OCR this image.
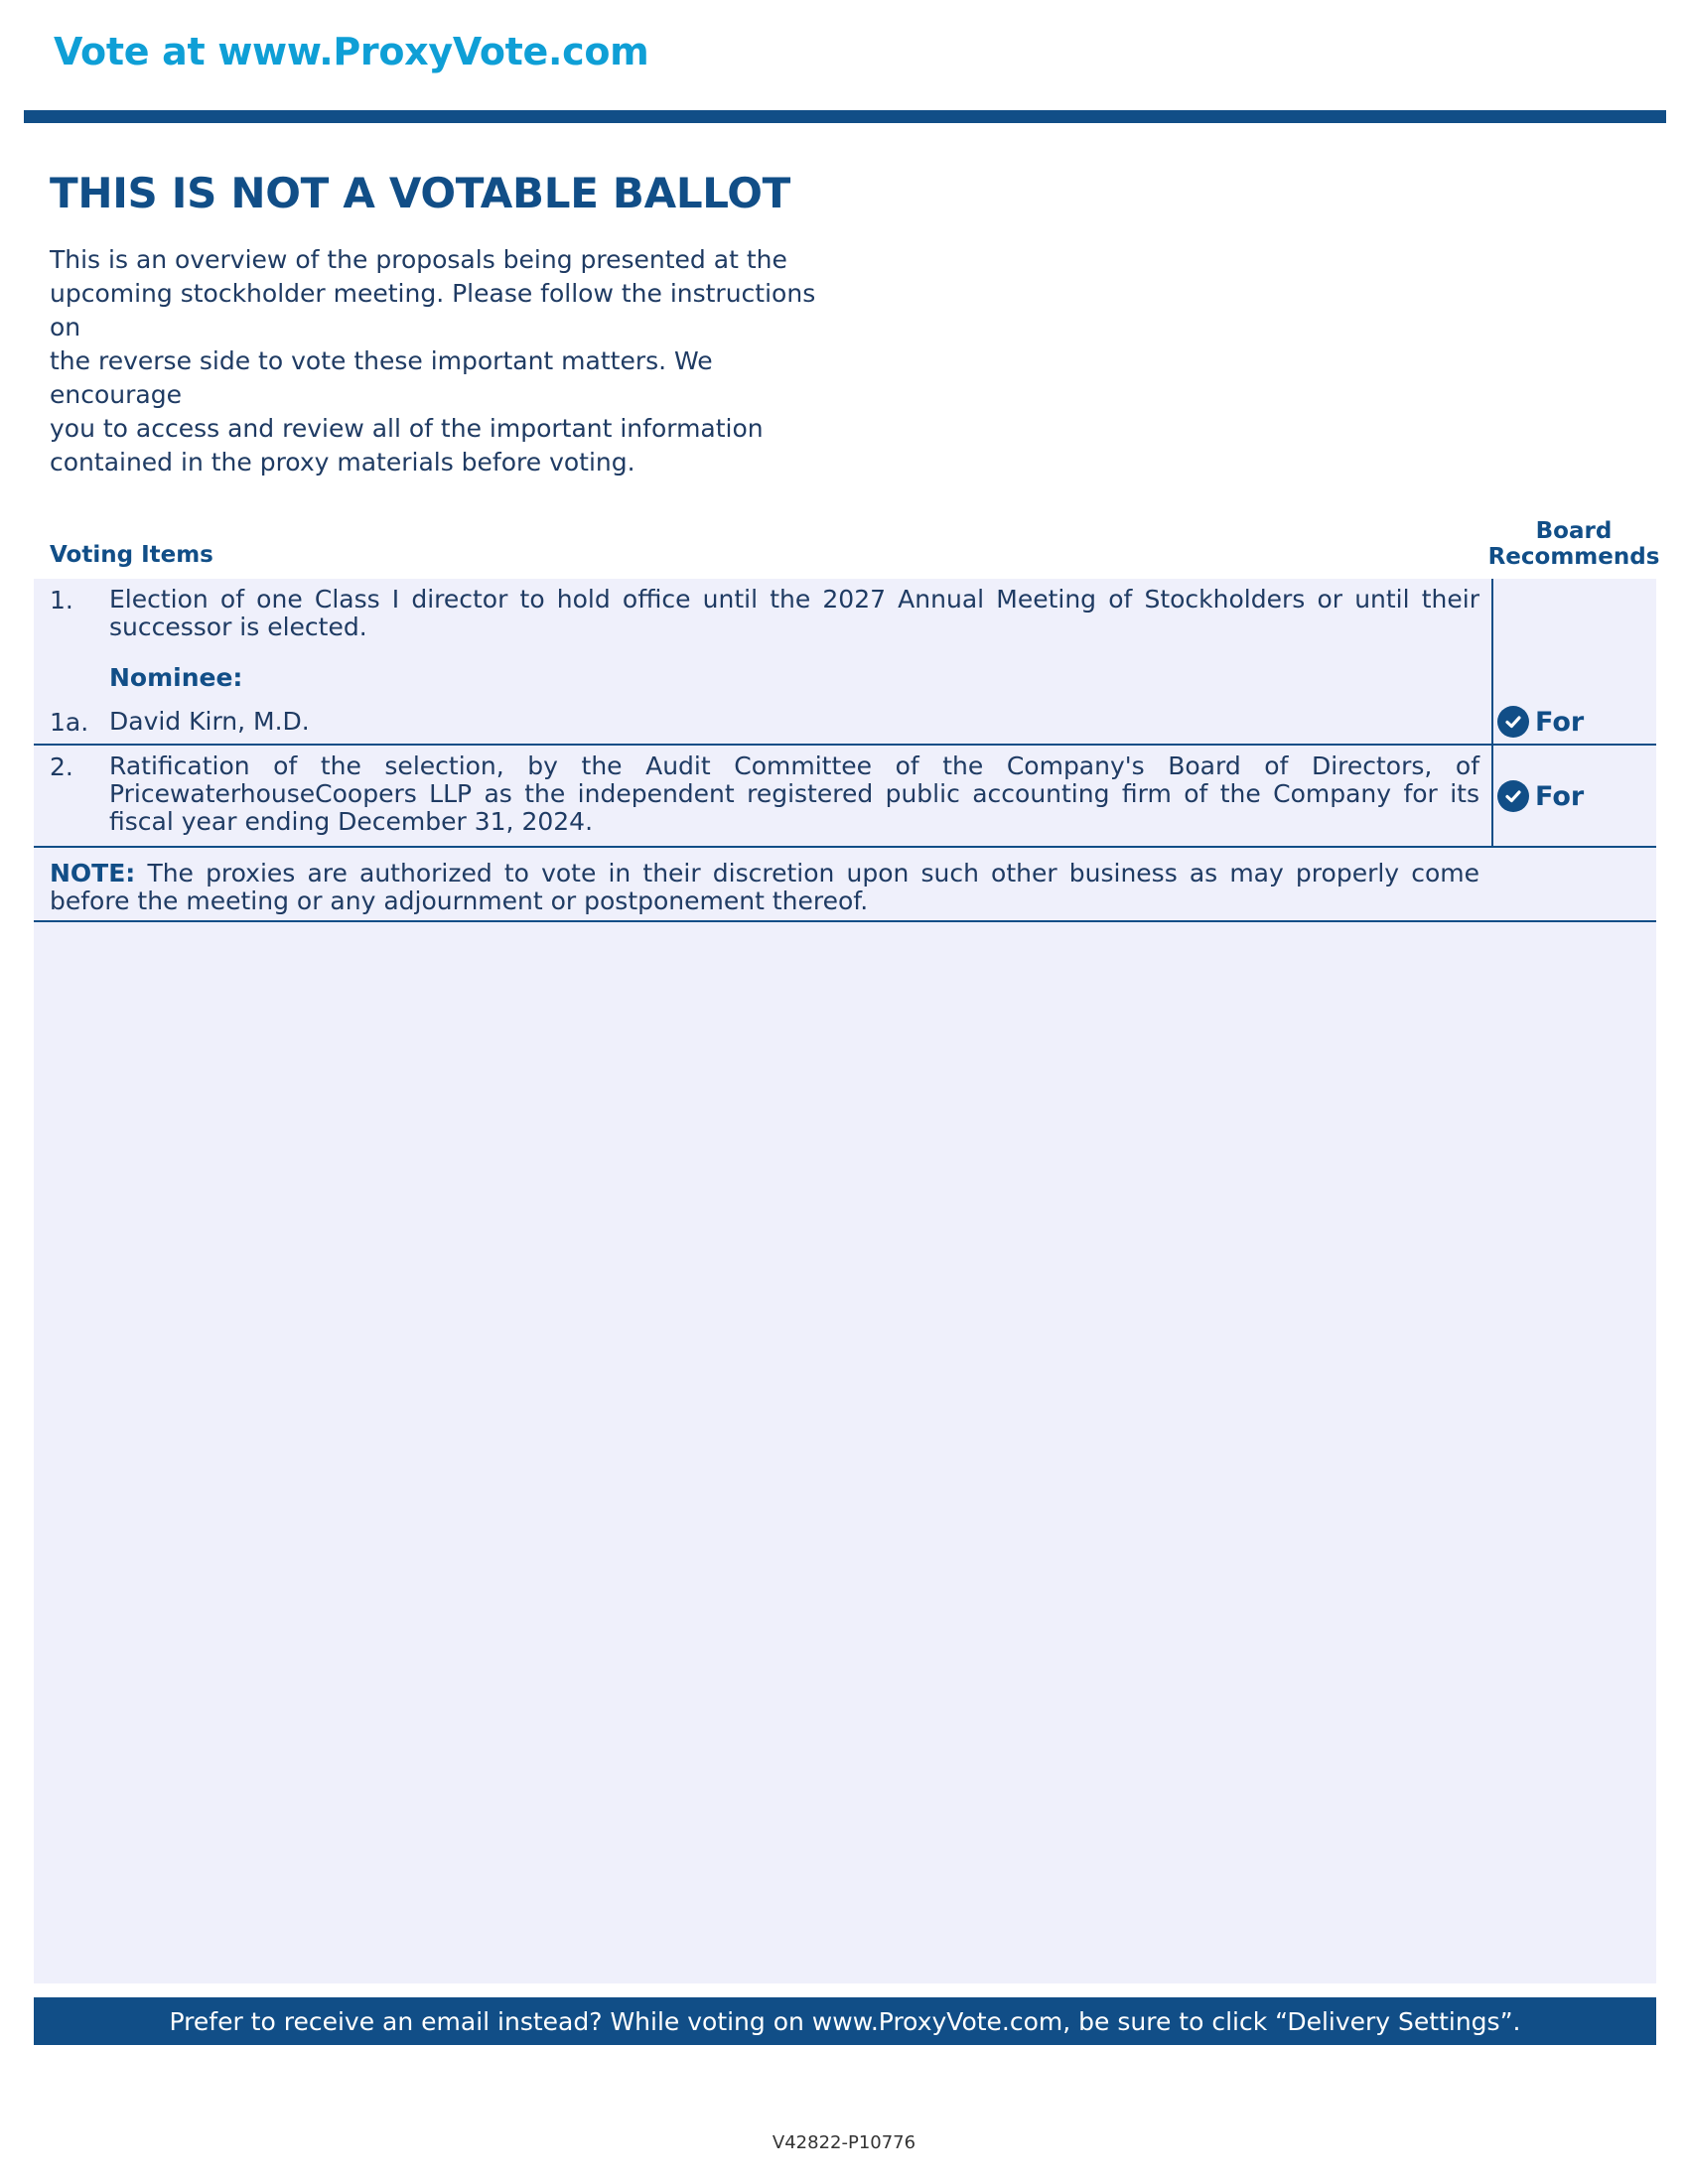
Vote at www.ProxyVote.com
THIS IS NOT A VOTABLE BALLOT
This is an overview of the proposals being presented at the
upcoming stockholder meeting. Please follow the instructions on
the reverse side to vote these important matters. We encourage
you to access and review all of the important information
contained in the proxy materials before voting.
Voting Items
Board
Recommends
1. Election of one Class I director to hold office until the 2027 Annual Meeting of Stockholders or until their successor is elected.
Nominee:
1a. David Kirn, M.D.	For
2. Ratification of the selection, by the Audit Committee of the Company's Board of Directors, of PricewaterhouseCoopers LLP as the independent registered public accounting firm of the Company for its fiscal year ending December 31, 2024.
For
NOTE: The proxies are authorized to vote in their discretion upon such other business as may properly come before the meeting or any adjournment or postponement thereof.
Prefer to receive an email instead? While voting on www.ProxyVote.com, be sure to click “Delivery Settings”.
V42822-P10776
